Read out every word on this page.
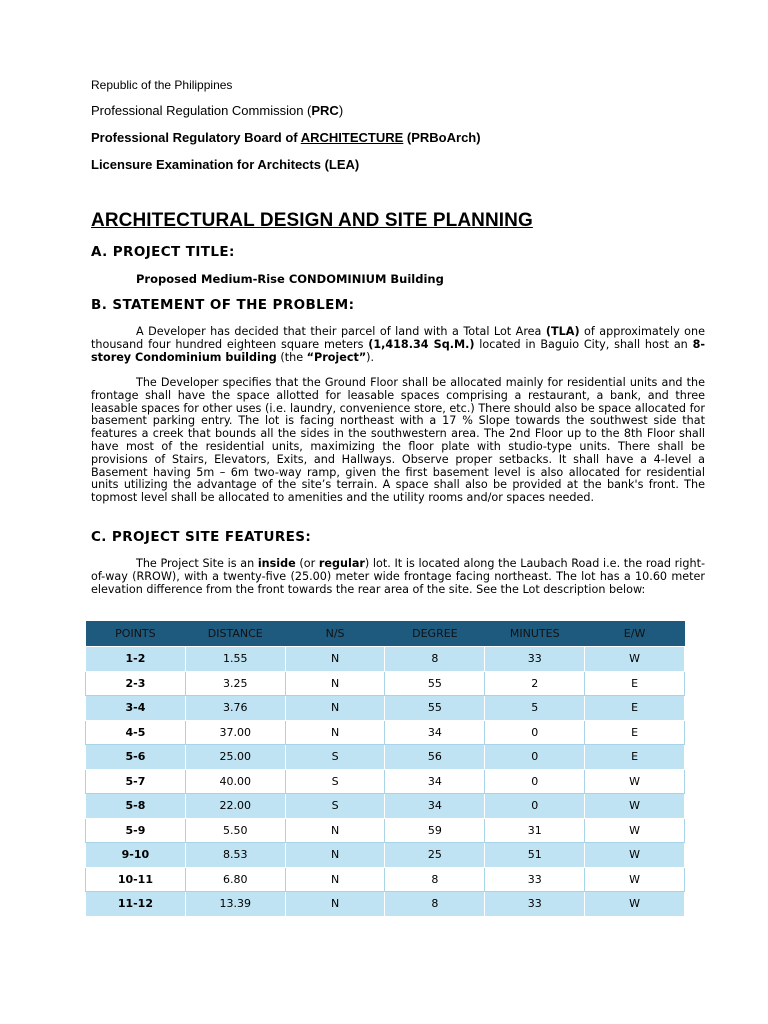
Republic of the Philippines
Professional Regulation Commission (PRC)
Professional Regulatory Board of ARCHITECTURE (PRBoArch)
Licensure Examination for Architects (LEA)
ARCHITECTURAL DESIGN AND SITE PLANNING
A. PROJECT TITLE:
Proposed Medium-Rise CONDOMINIUM Building
B. STATEMENT OF THE PROBLEM:

A Developer has decided that their parcel of land with a Total Lot Area (TLA) of approximately one thousand four hundred eighteen square meters (1,418.34 Sq.M.) located in Baguio City, shall host an 8-storey Condominium building (the “Project”).

The Developer specifies that the Ground Floor shall be allocated mainly for residential units and the frontage shall have the space allotted for leasable spaces comprising a restaurant, a bank, and three leasable spaces for other uses (i.e. laundry, convenience store, etc.) There should also be space allocated for basement parking entry. The lot is facing northeast with a 17 % Slope towards the southwest side that features a creek that bounds all the sides in the southwestern area. The 2nd Floor up to the 8th Floor shall have most of the residential units, maximizing the floor plate with studio-type units. There shall be provisions of Stairs, Elevators, Exits, and Hallways. Observe proper setbacks. It shall have a 4-level a Basement having 5m – 6m two-way ramp, given the first basement level is also allocated for residential units utilizing the advantage of the site’s terrain. A space shall also be provided at the bank's front. The topmost level shall be allocated to amenities and the utility rooms and/or spaces needed.

C. PROJECT SITE FEATURES:

The Project Site is an inside (or regular) lot. It is located along the Laubach Road i.e. the road right-of-way (RROW), with a twenty-five (25.00) meter wide frontage facing northeast. The lot has a 10.60 meter elevation difference from the front towards the rear area of the site. See the Lot description below:

POINTS	DISTANCE	N/S	DEGREE	MINUTES	E/W
1-2	1.55	N	8	33	W
2-3	3.25	N	55	2	E
3-4	3.76	N	55	5	E
4-5	37.00	N	34	0	E
5-6	25.00	S	56	0	E
5-7	40.00	S	34	0	W
5-8	22.00	S	34	0	W
5-9	5.50	N	59	31	W
9-10	8.53	N	25	51	W
10-11	6.80	N	8	33	W
11-12	13.39	N	8	33	W
